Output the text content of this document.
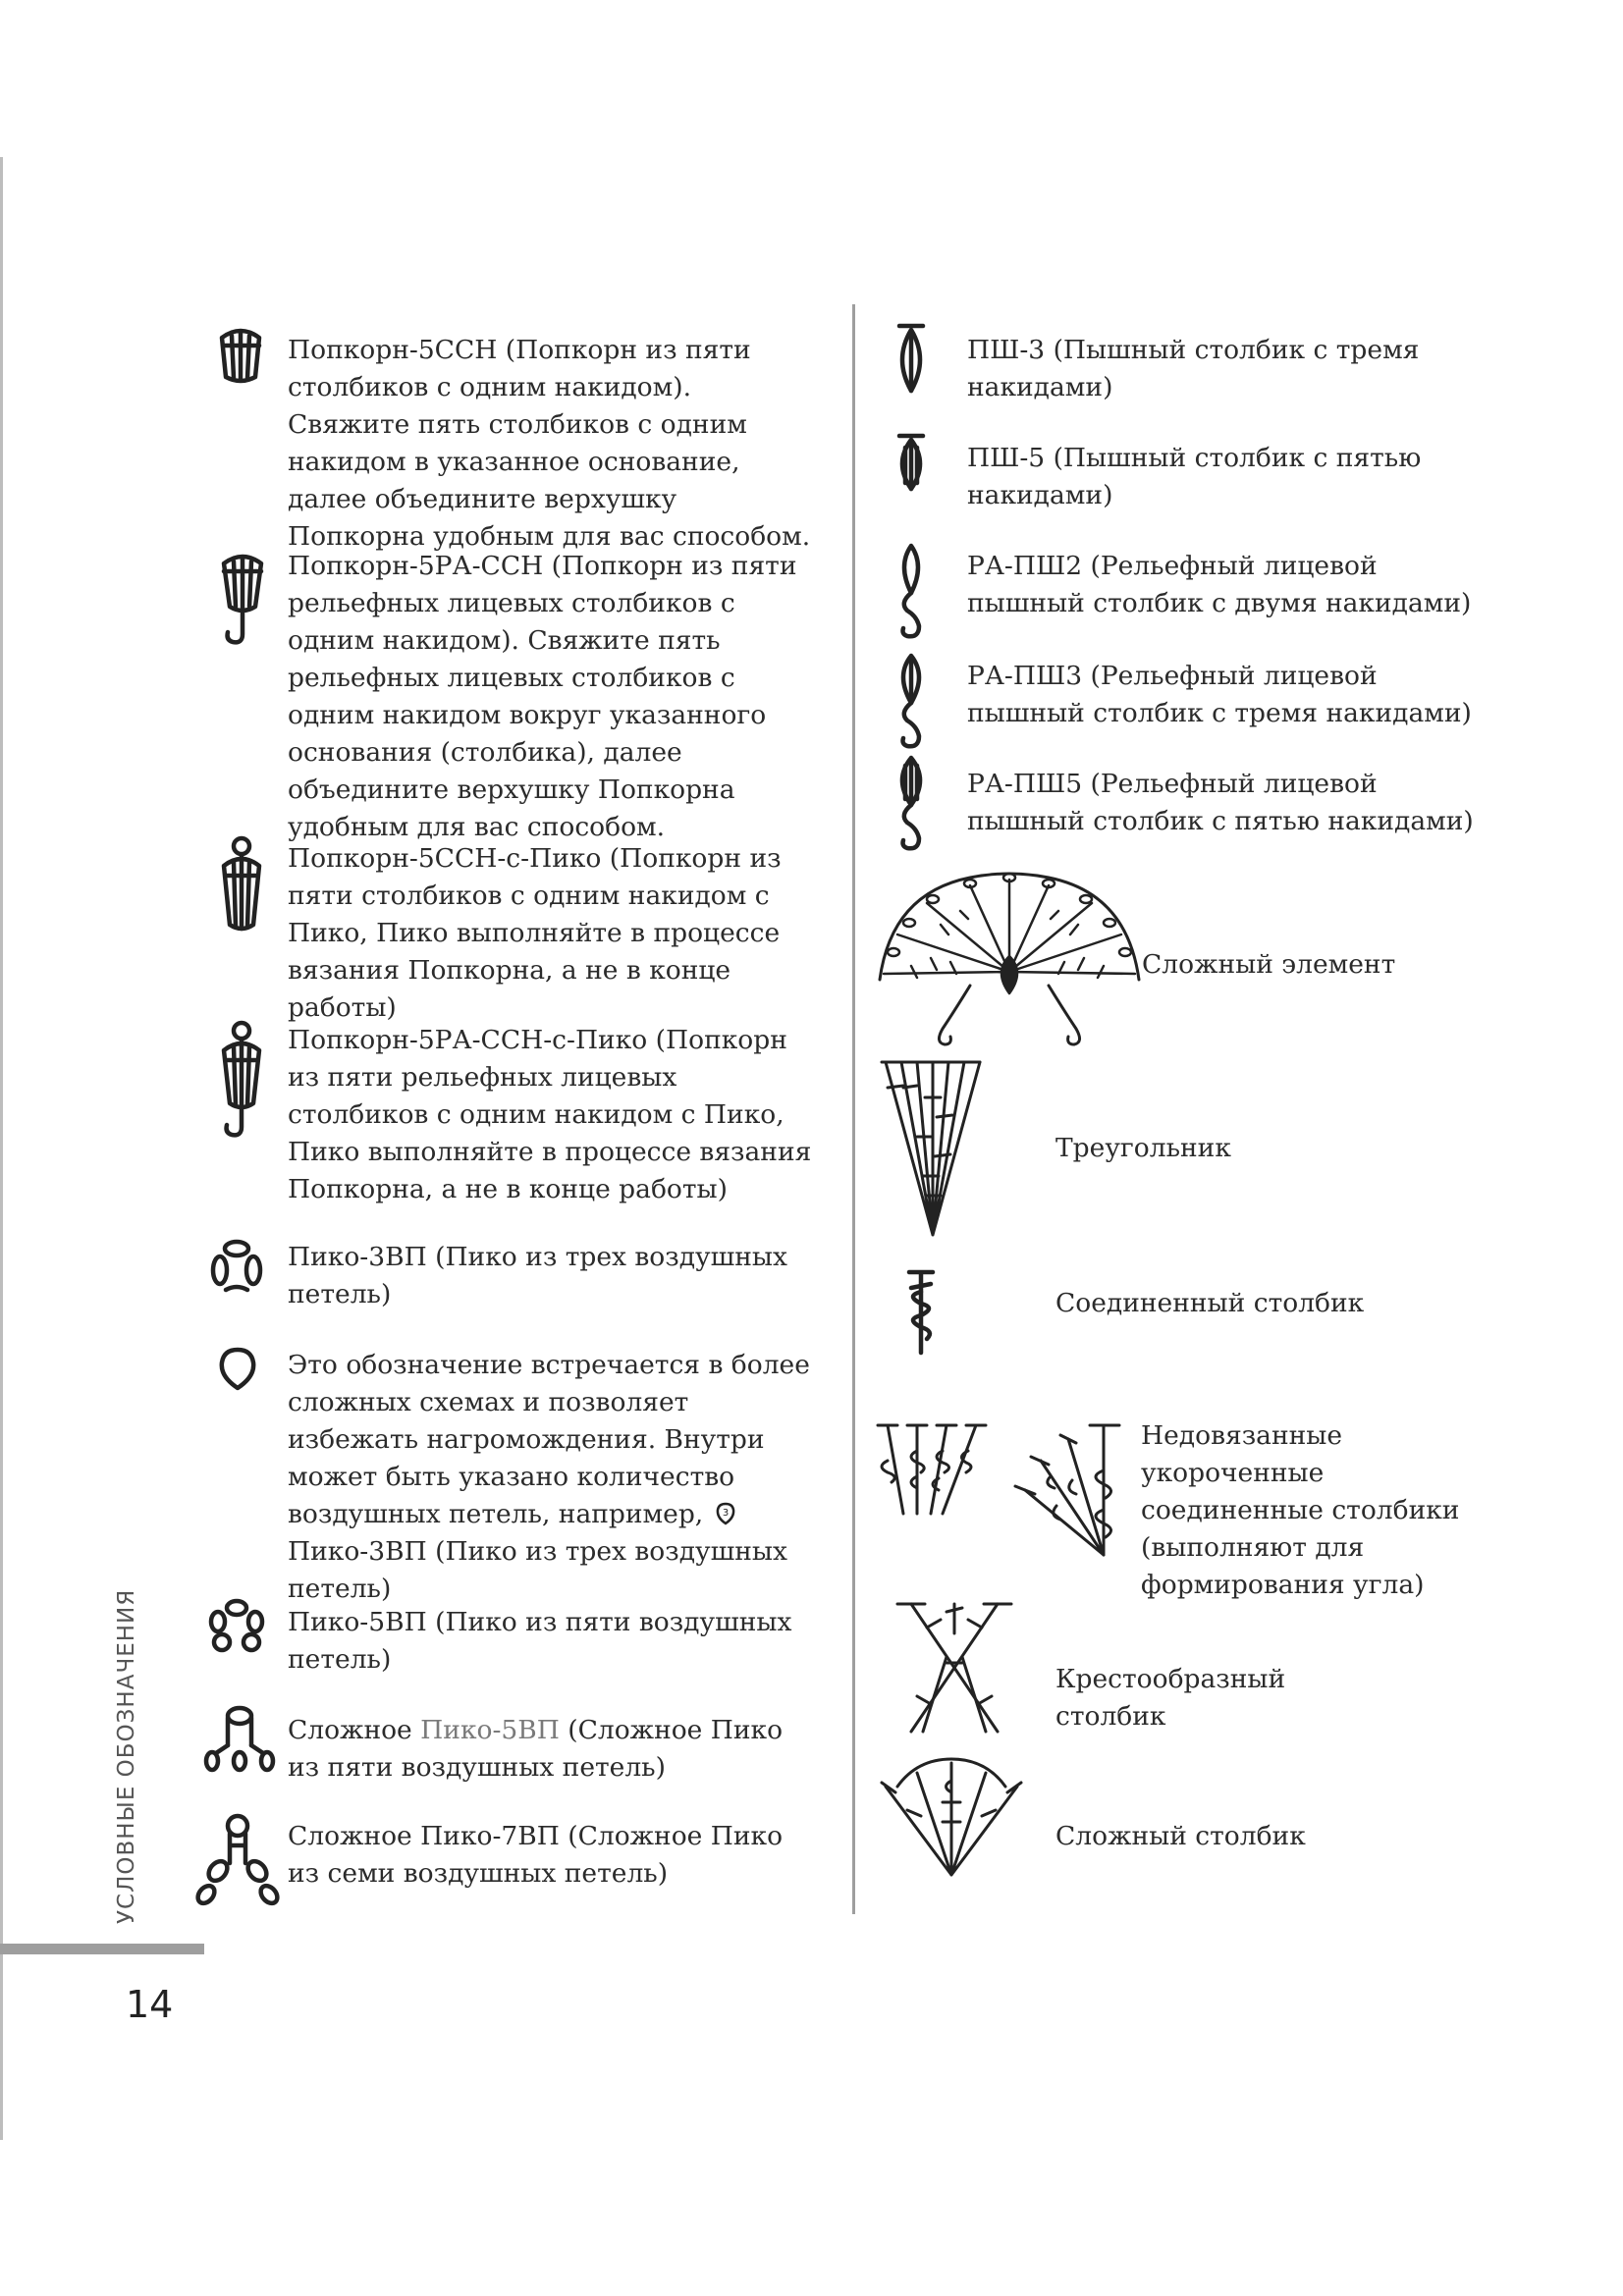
14
УСЛОВНЫЕ ОБОЗНАЧЕНИЯ
Попкорн-5ССН (Попкорн из пяти столбиков с одним накидом). Свяжите пять столбиков с одним накидом в указанное основание, далее объедините верхушку Попкорна удобным для вас способом.
Попкорн-5РА-ССН (Попкорн из пяти рельефных лицевых столбиков с одним накидом). Свяжите пять рельефных лицевых столбиков с одним накидом вокруг указанного основания (столбика), далее объедините верхушку Попкорна удобным для вас способом.
Попкорн-5ССН-с-Пико (Попкорн из пяти столбиков с одним накидом с Пико, Пико выполняйте в процессе вязания Попкорна, а не в конце работы)
Попкорн-5РА-ССН-с-Пико (Попкорн из пяти рельефных лицевых столбиков с одним накидом с Пико, Пико выполняйте в процессе вязания Попкорна, а не в конце работы)
Пико-3ВП (Пико из трех воздушных петель)
Это обозначение встречается в более сложных схемах и позволяет избежать нагромождения. Внутри может быть указано количество воздушных петель, например, 3
Пико-3ВП (Пико из трех воздушных петель)
Пико-5ВП (Пико из пяти воздушных петель)
Сложное Пико-5ВП (Сложное Пико из пяти воздушных петель)
Сложное Пико-7ВП (Сложное Пико из семи воздушных петель)
ПШ-3 (Пышный столбик с тремя накидами)
ПШ-5 (Пышный столбик с пятью накидами)
РА-ПШ2 (Рельефный лицевой пышный столбик с двумя накидами)
РА-ПШ3 (Рельефный лицевой пышный столбик с тремя накидами)
РА-ПШ5 (Рельефный лицевой пышный столбик с пятью накидами)
Сложный элемент
Треугольник
Соединенный столбик
Недовязанные укороченные соединенные столбики (выполняют для формирования угла)
Крестообразный столбик
Сложный столбик
